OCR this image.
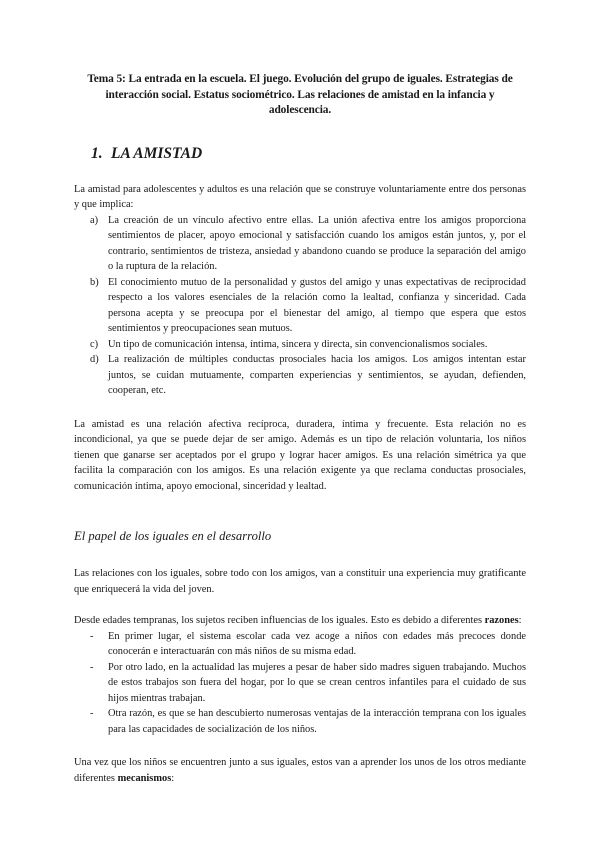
Tema 5: La entrada en la escuela. El juego. Evolución del grupo de iguales. Estrategias de interacción social. Estatus sociométrico. Las relaciones de amistad en la infancia y adolescencia.

1. LA AMISTAD

La amistad para adolescentes y adultos es una relación que se construye voluntariamente entre dos personas y que implica:

a) La creación de un vínculo afectivo entre ellas. La unión afectiva entre los amigos proporciona sentimientos de placer, apoyo emocional y satisfacción cuando los amigos están juntos, y, por el contrario, sentimientos de tristeza, ansiedad y abandono cuando se produce la separación del amigo o la ruptura de la relación.
b) El conocimiento mutuo de la personalidad y gustos del amigo y unas expectativas de reciprocidad respecto a los valores esenciales de la relación como la lealtad, confianza y sinceridad. Cada persona acepta y se preocupa por el bienestar del amigo, al tiempo que espera que estos sentimientos y preocupaciones sean mutuos.
c) Un tipo de comunicación intensa, íntima, sincera y directa, sin convencionalismos sociales.
d) La realización de múltiples conductas prosociales hacia los amigos. Los amigos intentan estar juntos, se cuidan mutuamente, comparten experiencias y sentimientos, se ayudan, defienden, cooperan, etc.

La amistad es una relación afectiva recíproca, duradera, íntima y frecuente. Esta relación no es incondicional, ya que se puede dejar de ser amigo. Además es un tipo de relación voluntaria, los niños tienen que ganarse ser aceptados por el grupo y lograr hacer amigos. Es una relación simétrica ya que facilita la comparación con los amigos. Es una relación exigente ya que reclama conductas prosociales, comunicación íntima, apoyo emocional, sinceridad y lealtad.

El papel de los iguales en el desarrollo

Las relaciones con los iguales, sobre todo con los amigos, van a constituir una experiencia muy gratificante que enriquecerá la vida del joven.

Desde edades tempranas, los sujetos reciben influencias de los iguales. Esto es debido a diferentes razones:

- En primer lugar, el sistema escolar cada vez acoge a niños con edades más precoces donde conocerán e interactuarán con más niños de su misma edad.
- Por otro lado, en la actualidad las mujeres a pesar de haber sido madres siguen trabajando. Muchos de estos trabajos son fuera del hogar, por lo que se crean centros infantiles para el cuidado de sus hijos mientras trabajan.
- Otra razón, es que se han descubierto numerosas ventajas de la interacción temprana con los iguales para las capacidades de socialización de los niños.

Una vez que los niños se encuentren junto a sus iguales, estos van a aprender los unos de los otros mediante diferentes mecanismos:
